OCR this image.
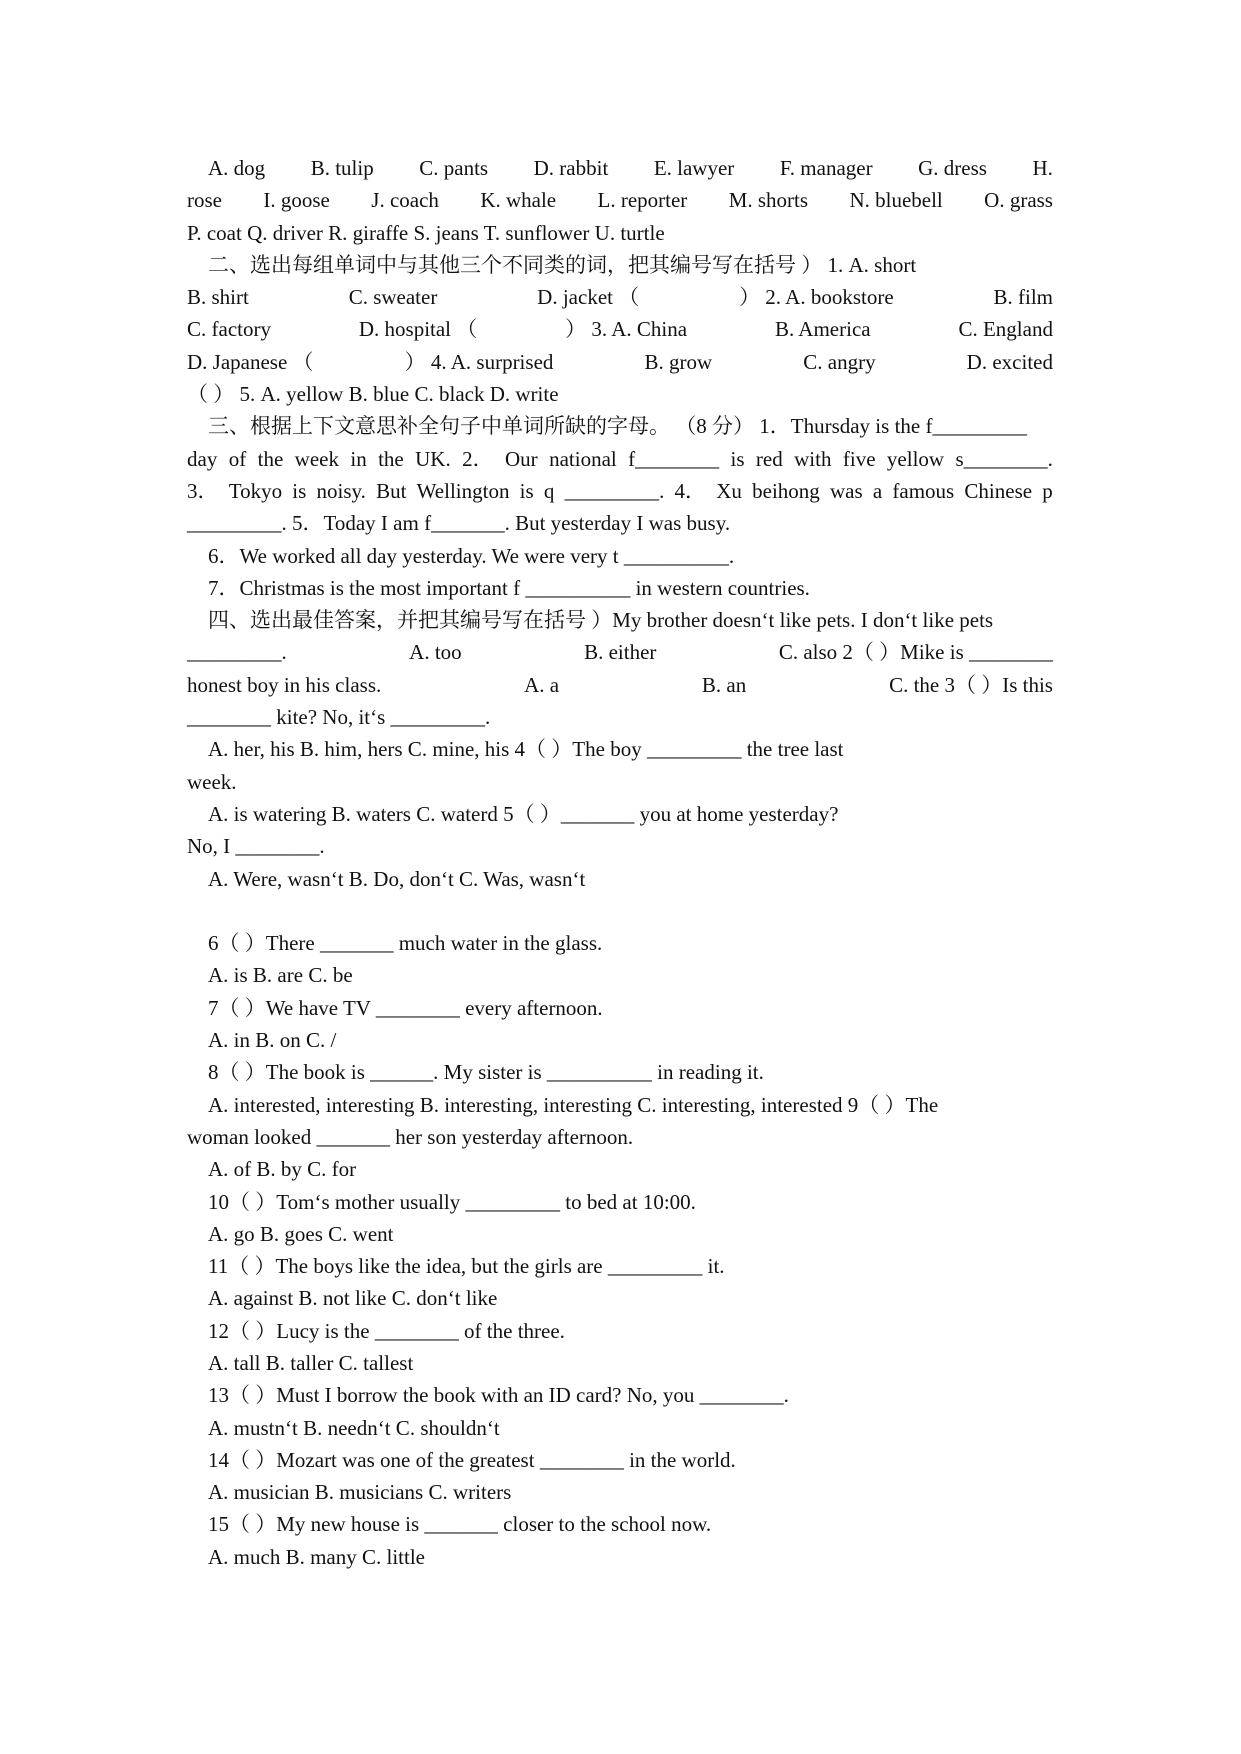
A. dog B. tulip C. pants D. rabbit E. lawyer F. manager G. dress H.
rose I. goose J. coach K. whale L. reporter M. shorts N. bluebell O. grass
P. coat Q. driver R. giraffe S. jeans T. sunflower U. turtle
二、选出每组单词中与其他三个不同类的词，把其编号写在括号 ） 1. A. short
B. shirt	C. sweater	D. jacket （	） 2. A. bookstore	B. film
C. factory	D. hospital （	） 3. A. China	B. America	C. England
D. Japanese （	） 4. A. surprised	B. grow	C. angry	D. excited
（ ） 5. A. yellow B. blue C. black D. write
三、根据上下文意思补全句子中单词所缺的字母。 （8 分） 1．Thursday is the f_________
day of the week in the UK. 2． Our national f________ is red with five yellow s________.
3． Tokyo is noisy. But Wellington is q _________. 4． Xu beihong was a famous Chinese p
_________. 5．Today I am f_______. But yesterday I was busy.
6．We worked all day yesterday. We were very t __________.
7．Christmas is the most important f __________ in western countries.
四、选出最佳答案，并把其编号写在括号 ）My brother doesn‘t like pets. I don‘t like pets
_________.	A. too	B. either	C. also 2（ ）Mike is ________
honest boy in his class.	A. a	B. an	C. the 3（ ）Is this
________ kite? No, it‘s _________.
A. her, his B. him, hers C. mine, his 4（ ）The boy _________ the tree last
week.
A. is watering B. waters C. waterd 5（ ）_______ you at home yesterday?
No, I ________.
A. Were, wasn‘t B. Do, don‘t C. Was, wasn‘t
6（ ）There _______ much water in the glass.
A. is B. are C. be
7（ ）We have TV ________ every afternoon.
A. in B. on C. /
8（ ）The book is ______. My sister is __________ in reading it.
A. interested, interesting B. interesting, interesting C. interesting, interested 9（ ）The
woman looked _______ her son yesterday afternoon.
A. of B. by C. for
10（ ）Tom‘s mother usually _________ to bed at 10:00.
A. go B. goes C. went
11（ ）The boys like the idea, but the girls are _________ it.
A. against B. not like C. don‘t like
12（ ）Lucy is the ________ of the three.
A. tall B. taller C. tallest
13（ ）Must I borrow the book with an ID card? No, you ________.
A. mustn‘t B. needn‘t C. shouldn‘t
14（ ）Mozart was one of the greatest ________ in the world.
A. musician B. musicians C. writers
15（ ）My new house is _______ closer to the school now.
A. much B. many C. little
